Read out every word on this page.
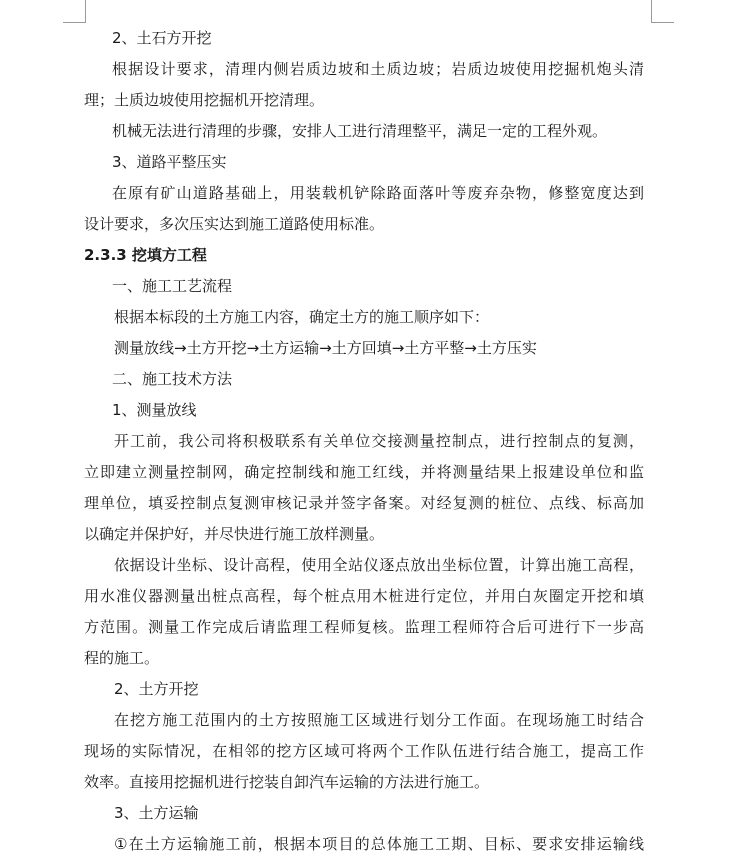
2、土石方开挖

根据设计要求，清理内侧岩质边坡和土质边坡；岩质边坡使用挖掘机炮头清

理；土质边坡使用挖掘机开挖清理。

机械无法进行清理的步骤，安排人工进行清理整平，满足一定的工程外观。

3、道路平整压实

在原有矿山道路基础上，用装载机铲除路面落叶等废弃杂物，修整宽度达到

设计要求，多次压实达到施工道路使用标准。

2.3.3 挖填方工程

一、施工工艺流程

根据本标段的土方施工内容，确定土方的施工顺序如下：

测量放线→土方开挖→土方运输→土方回填→土方平整→土方压实

二、施工技术方法

1、测量放线

开工前，我公司将积极联系有关单位交接测量控制点，进行控制点的复测，

立即建立测量控制网，确定控制线和施工红线，并将测量结果上报建设单位和监

理单位，填妥控制点复测审核记录并签字备案。对经复测的桩位、点线、标高加

以确定并保护好，并尽快进行施工放样测量。

依据设计坐标、设计高程，使用全站仪逐点放出坐标位置，计算出施工高程，

用水准仪器测量出桩点高程，每个桩点用木桩进行定位，并用白灰圈定开挖和填

方范围。测量工作完成后请监理工程师复核。监理工程师符合后可进行下一步高

程的施工。

2、土方开挖

在挖方施工范围内的土方按照施工区域进行划分工作面。在现场施工时结合

现场的实际情况，在相邻的挖方区域可将两个工作队伍进行结合施工，提高工作

效率。直接用挖掘机进行挖装自卸汽车运输的方法进行施工。

3、土方运输

①在土方运输施工前，根据本项目的总体施工工期、目标、要求安排运输线
